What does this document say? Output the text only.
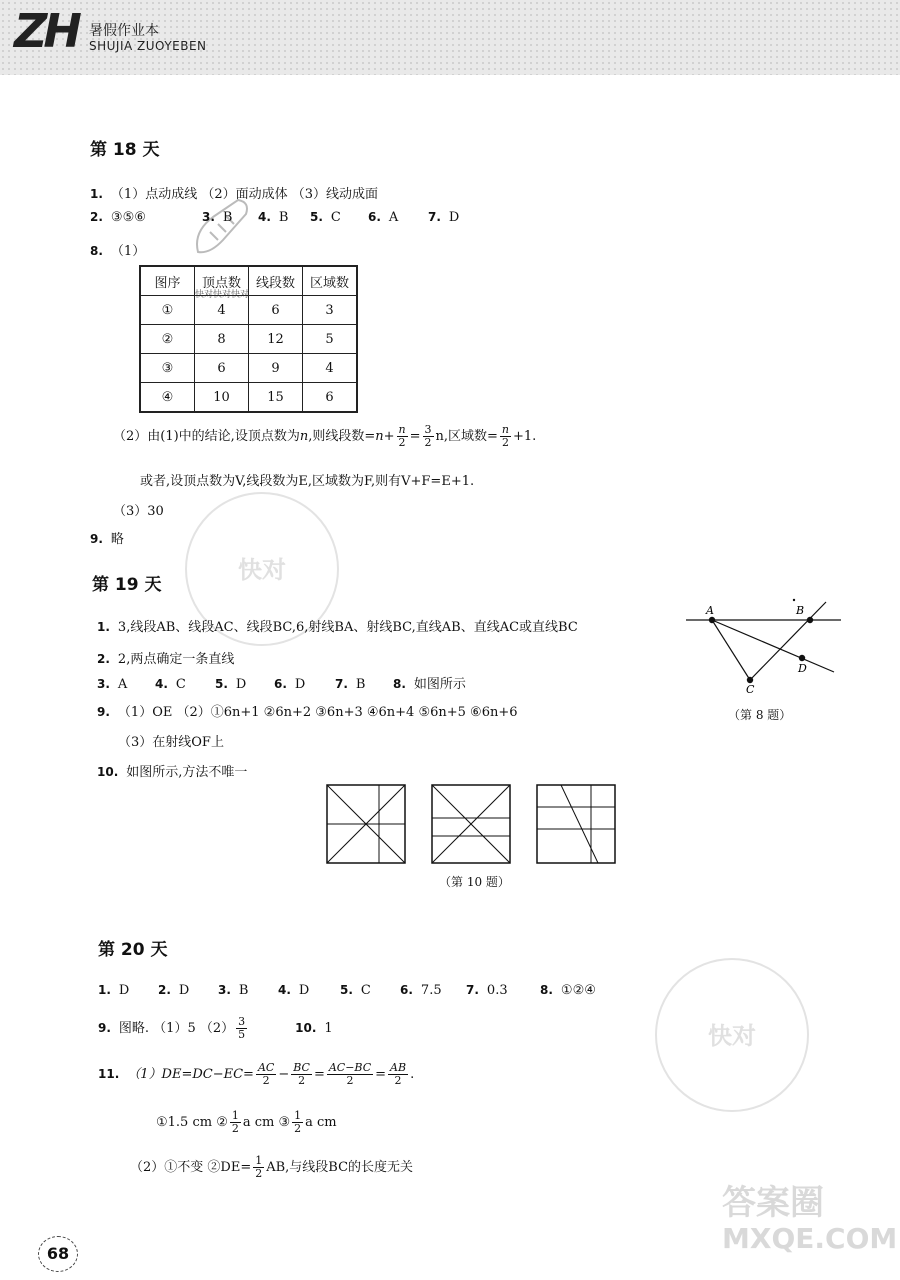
ZH 暑假作业本
SHUJIA ZUOYEBEN
快对
快对
快对快对快对
第 18 天
1. （1）点动成线 （2）面动成体 （3）线动成面
2. ③⑤⑥	3. B 4. B 5. C 6. A 7. D
8. （1）
图序	顶点数	线段数	区域数
①	4	6	3
②	8	12	5
③	6	9	4
④	10	15	6
（2）由(1)中的结论,设顶点数为n,则线段数$=n+ \frac{n}{2} = \frac{3}{2} n$,区域数= $\frac{n}{2} +1$.
或者,设顶点数为V,线段数为E,区域数为F,则有V+F=E+1.
（3）30
9. 略
第 19 天
1. 3,线段AB、线段AC、线段BC,6,射线BA、射线BC,直线AB、直线AC或直线BC
2. 2,两点确定一条直线
3. A 4. C 5. D 6. D 7. B 8. 如图所示
9. （1）OE （2）①6n+1 ②6n+2 ③6n+3 ④6n+4 ⑤6n+5 ⑥6n+6
（3）在射线OF上
10. 如图所示,方法不唯一
A	B
D
C
（第 8 题）
（第 10 题）
第 20 天
1. D 2. D 3. B 4. D	5. C 6. 7.5 7. 0.3	8. ①②④
9. 图略. （1）5 $(2) \frac{3}{5}$	10. 1
11. $(1)DE=DC-EC= \frac{AC}{2} - \frac{BC}{2} = \frac{AC-BC}{2} = \frac{AB}{2}$ .
①1.5 cm ② $\frac{1}{2}$ a cm ③ $\frac{1}{2}$ a cm
（2）①不变 ②DE= $\frac{1}{2}$ AB,与线段BC的长度无关
68
答案圈
MXQE.COM
